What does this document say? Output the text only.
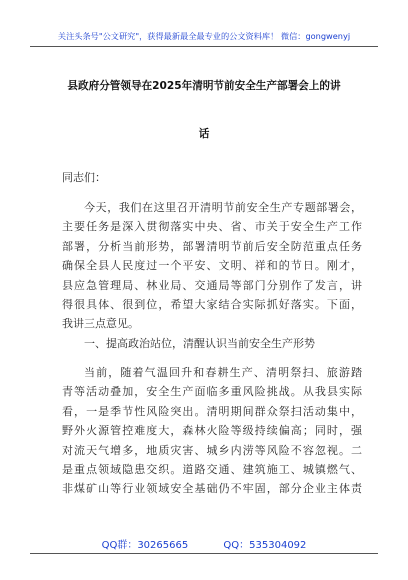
关注头条号"公文研究"，获得最新最全最专业的公文资料库！ 微信：gongwenyj
县政府分管领导在2025年清明节前安全生产部署会上的讲
话
同志们：
今天，我们在这里召开清明节前安全生产专题部署会，
主要任务是深入贯彻落实中央、省、市关于安全生产工作
部署，分析当前形势，部署清明节前后安全防范重点任务
确保全县人民度过一个平安、文明、祥和的节日。刚才，
县应急管理局、林业局、交通局等部门分别作了发言，讲
得很具体、很到位，希望大家结合实际抓好落实。下面，
我讲三点意见。
一、提高政治站位，清醒认识当前安全生产形势
当前，随着气温回升和春耕生产、清明祭扫、旅游踏
青等活动叠加，安全生产面临多重风险挑战。从我县实际
看，一是季节性风险突出。清明期间群众祭扫活动集中，
野外火源管控难度大，森林火险等级持续偏高；同时，强
对流天气增多，地质灾害、城乡内涝等风险不容忽视。二
是重点领域隐患交织。道路交通、建筑施工、城镇燃气、
非煤矿山等行业领域安全基础仍不牢固，部分企业主体责
QQ群：30265665	QQ：535304092
